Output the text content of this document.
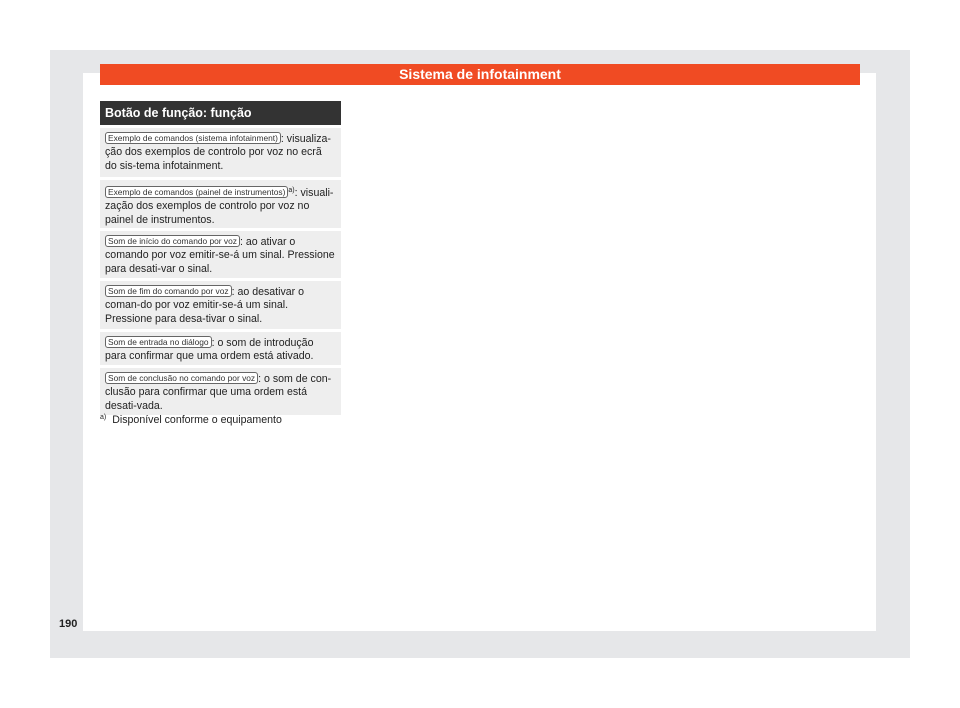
Sistema de infotainment
Botão de função: função
Exemplo de comandos (sistema infotainment) : visualiza-ção dos exemplos de controlo por voz no ecrã do sis-tema infotainment.
Exemplo de comandos (painel de instrumentos) $^{a)}$: visuali-zação dos exemplos de controlo por voz no painel de instrumentos.
Som de início do comando por voz : ao ativar o comando por voz emitir-se-á um sinal. Pressione para desati-var o sinal.
Som de fim do comando por voz : ao desativar o coman-do por voz emitir-se-á um sinal. Pressione para desa-tivar o sinal.
Som de entrada no diálogo : o som de introdução para confirmar que uma ordem está ativado.
Som de conclusão no comando por voz : o som de con-clusão para confirmar que uma ordem está desati-vada.
$^{a)}$ Disponível conforme o equipamento
190
